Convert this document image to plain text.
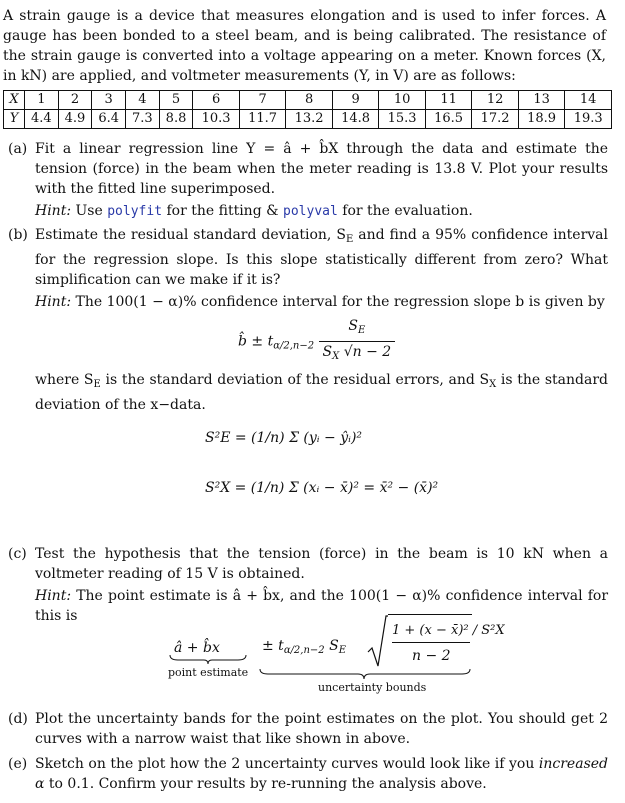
A strain gauge is a device that measures elongation and is used to infer forces. A gauge has been bonded to a steel beam, and is being calibrated. The resistance of the strain gauge is converted into a voltage appearing on a meter. Known forces (X, in kN) are applied, and voltmeter measurements (Y, in V) are as follows:

X	1	2	3	4	5	6	7	8	9	10	11	12	13	14
Y	4.4	4.9	6.4	7.3	8.8	10.3	11.7	13.2	14.8	15.3	16.5	17.2	18.9	19.3
(a) Fit a linear regression line Y = â + b̂X through the data and estimate the tension (force) in the beam when the meter reading is 13.8 V. Plot your results with the fitted line superimposed.
Hint: Use polyfit for the fitting & polyval for the evaluation.
(b) Estimate the residual standard deviation, $S_E$ and find a 95% confidence interval for the regression slope. Is this slope statistically different from zero? What simplification can we make if it is?
Hint: The 100(1 − α)% confidence interval for the regression slope b is given by
b̂ ± $t_{\alpha/2,n-2} \frac{S_E}{S_X √n - 2}$
where $S_E$ is the standard deviation of the residual errors, and $S_X$ is the standard deviation of the x−data.
S²E = (1/n) Σ (yᵢ − ŷᵢ)²
S²X = (1/n) Σ (xᵢ − x̄)² = x̄² − (x̄)²
(c) Test the hypothesis that the tension (force) in the beam is 10 kN when a voltmeter reading of 15 V is obtained.
Hint: The point estimate is â + b̂x, and the 100(1 − α)% confidence interval for this is
â + b̂x
point estimate
± $t_{\alpha/2,n-2}$ $S_E$
1 + (x − x̄)² / S²X
n − 2
uncertainty bounds
(d) Plot the uncertainty bands for the point estimates on the plot. You should get 2 curves with a narrow waist that like shown in above.
(e) Sketch on the plot how the 2 uncertainty curves would look like if you increased α to 0.1. Confirm your results by re-running the analysis above.
